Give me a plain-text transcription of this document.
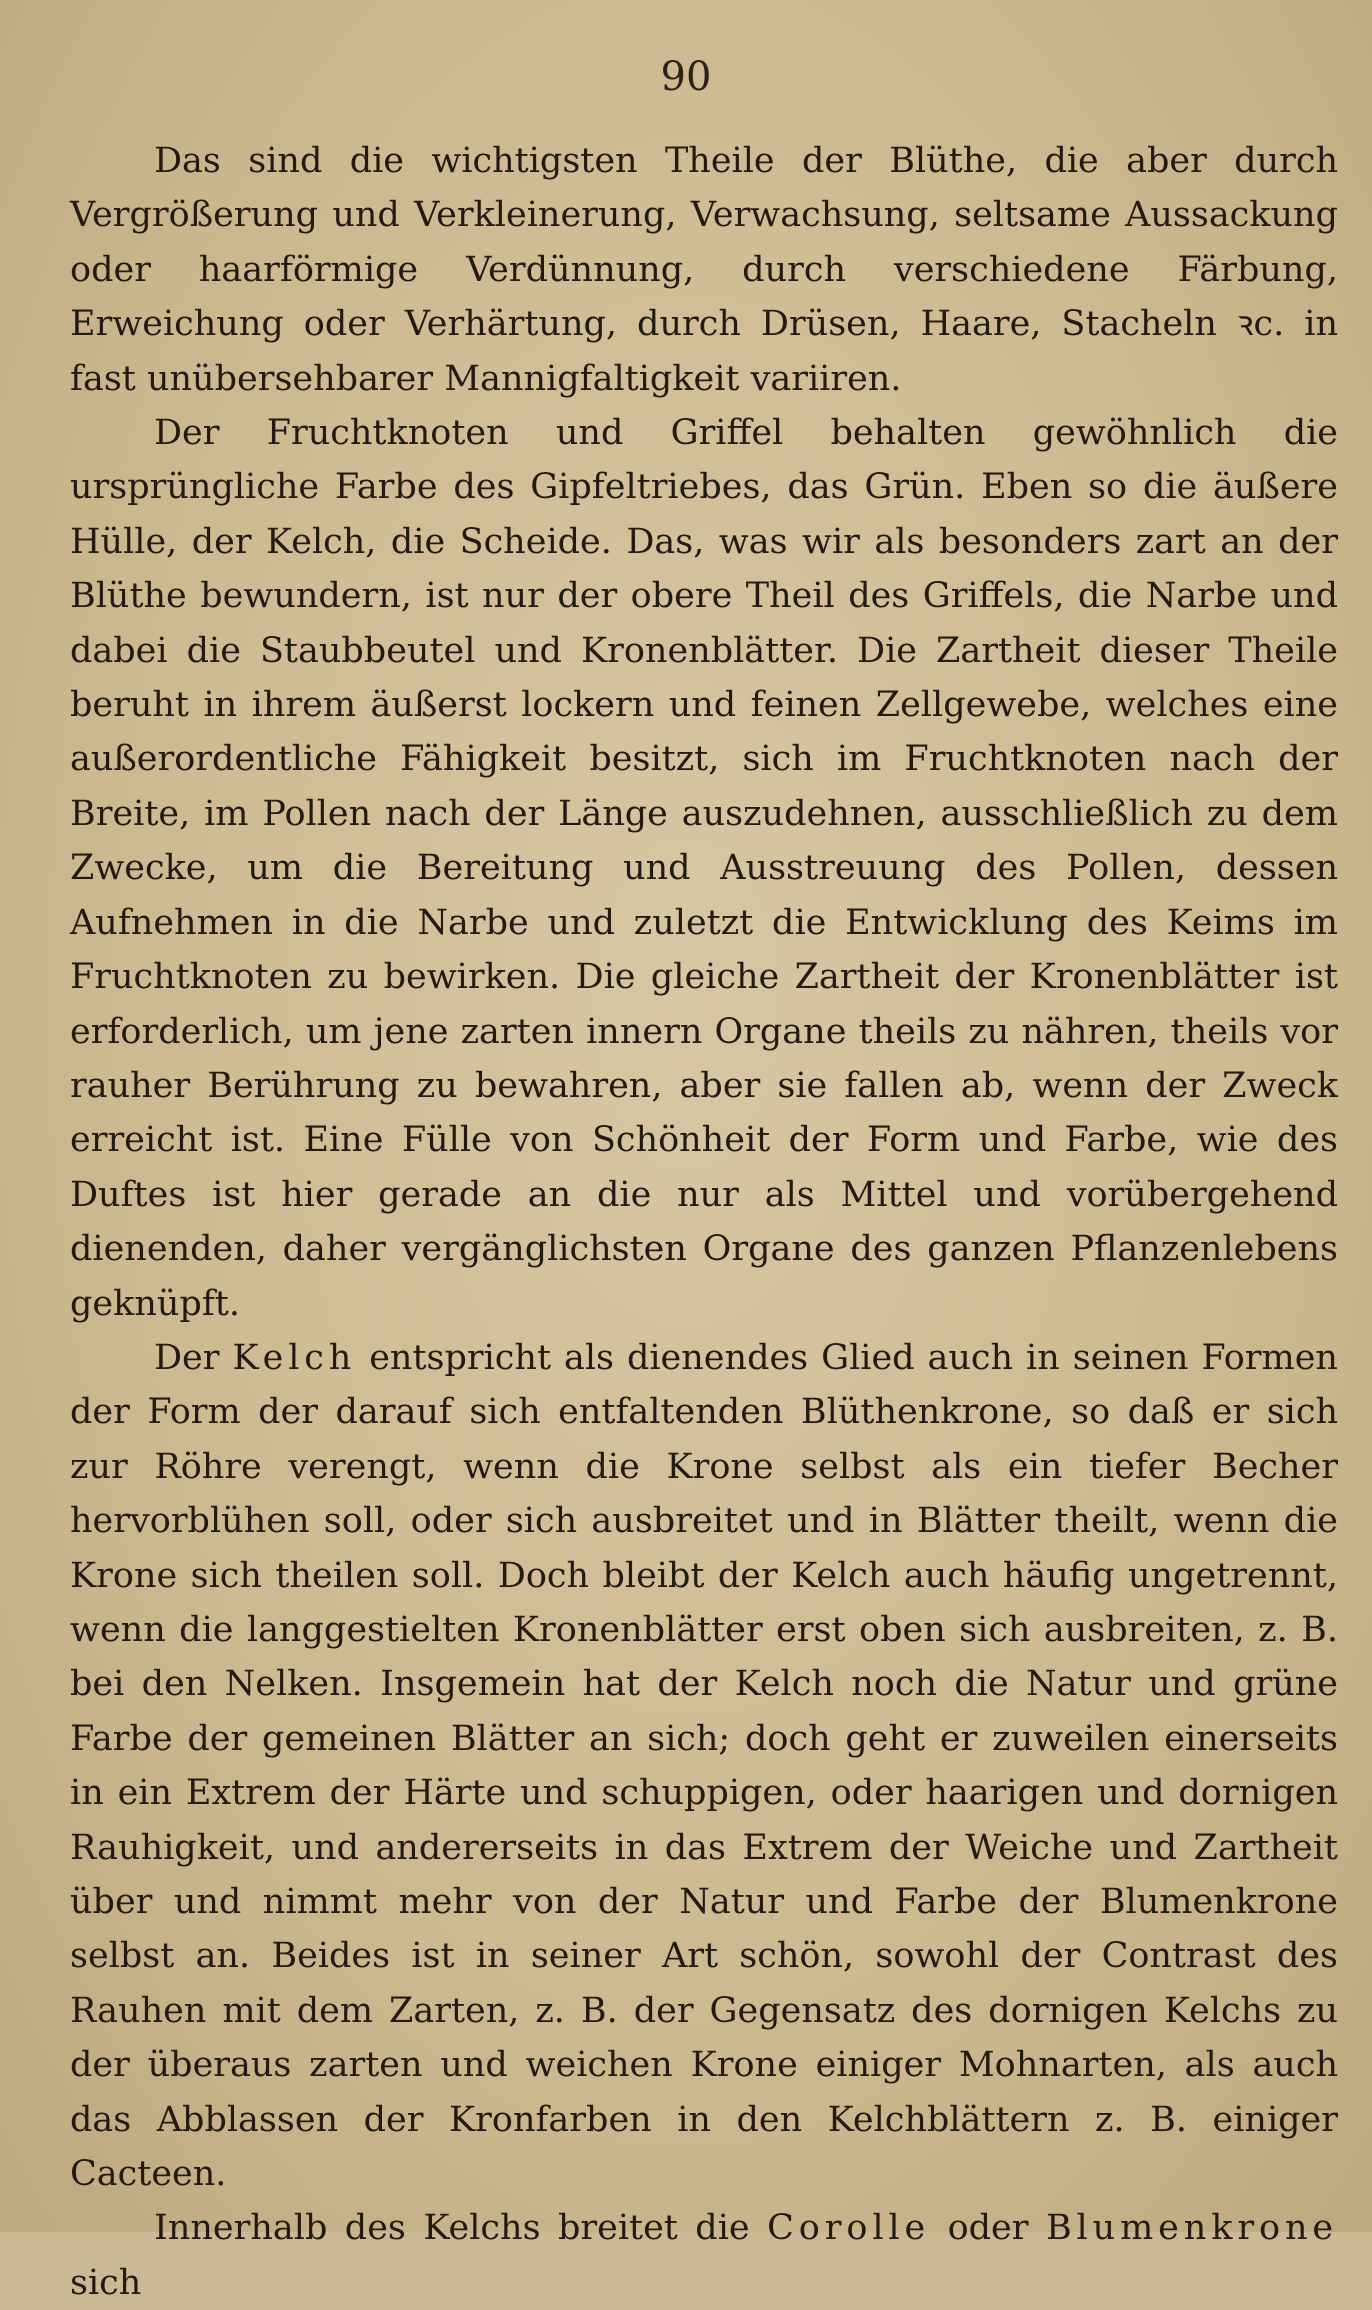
90

Das sind die wichtigsten Theile der Blüthe, die aber durch Vergrößerung und Verkleinerung, Verwachsung, seltsame Aussackung oder haarförmige Verdünnung, durch verschiedene Färbung, Erweichung oder Verhärtung, durch Drüsen, Haare, Stacheln ꝛc. in fast unübersehbarer Mannigfaltigkeit variiren.

Der Fruchtknoten und Griffel behalten gewöhnlich die ursprüngliche Farbe des Gipfeltriebes, das Grün. Eben so die äußere Hülle, der Kelch, die Scheide. Das, was wir als besonders zart an der Blüthe bewundern, ist nur der obere Theil des Griffels, die Narbe und dabei die Staubbeutel und Kronenblätter. Die Zartheit dieser Theile beruht in ihrem äußerst lockern und feinen Zellgewebe, welches eine außerordentliche Fähigkeit besitzt, sich im Fruchtknoten nach der Breite, im Pollen nach der Länge auszudehnen, ausschließlich zu dem Zwecke, um die Bereitung und Ausstreuung des Pollen, dessen Aufnehmen in die Narbe und zuletzt die Entwicklung des Keims im Fruchtknoten zu bewirken. Die gleiche Zartheit der Kronenblätter ist erforderlich, um jene zarten innern Organe theils zu nähren, theils vor rauher Berührung zu bewahren, aber sie fallen ab, wenn der Zweck erreicht ist. Eine Fülle von Schönheit der Form und Farbe, wie des Duftes ist hier gerade an die nur als Mittel und vorübergehend dienenden, daher vergänglichsten Organe des ganzen Pflanzenlebens geknüpft.

Der Kelch entspricht als dienendes Glied auch in seinen Formen der Form der darauf sich entfaltenden Blüthenkrone, so daß er sich zur Röhre verengt, wenn die Krone selbst als ein tiefer Becher hervorblühen soll, oder sich ausbreitet und in Blätter theilt, wenn die Krone sich theilen soll. Doch bleibt der Kelch auch häufig ungetrennt, wenn die langgestielten Kronenblätter erst oben sich ausbreiten, z. B. bei den Nelken. Insgemein hat der Kelch noch die Natur und grüne Farbe der gemeinen Blätter an sich; doch geht er zuweilen einerseits in ein Extrem der Härte und schuppigen, oder haarigen und dornigen Rauhigkeit, und andererseits in das Extrem der Weiche und Zartheit über und nimmt mehr von der Natur und Farbe der Blumenkrone selbst an. Beides ist in seiner Art schön, sowohl der Contrast des Rauhen mit dem Zarten, z. B. der Gegensatz des dornigen Kelchs zu der überaus zarten und weichen Krone einiger Mohnarten, als auch das Abblassen der Kronfarben in den Kelchblättern z. B. einiger Cacteen.

Innerhalb des Kelchs breitet die Corolle oder Blumenkrone sich
